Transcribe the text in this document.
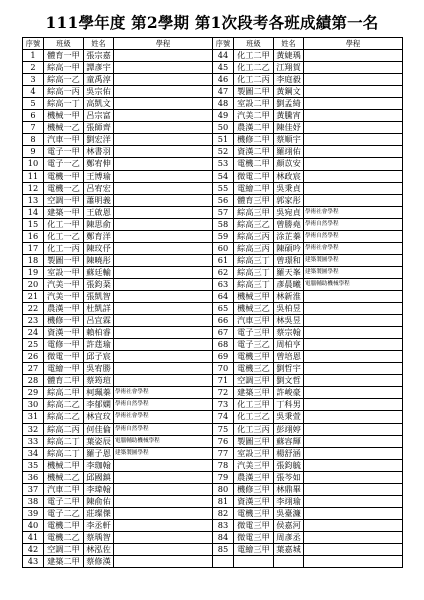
111學年度 第2學期 第1次段考各班成績第一名
序號	班級	姓名	學程	序號	班級	姓名	學程
1	體育一甲	張宗嘉		44	化工二甲	黃婕瑀	
2	綜高一甲	譚彥宇		45	化工二乙	江翔賀	
3	綜高一乙	童禹淳		46	化工二丙	李庭毅	
4	綜高一丙	吳宗佑		47	製圖二甲	黃鋼文	
5	綜高一丁	高凱文		48	室設二甲	劉孟綺	
6	機械一甲	呂宗富		49	汽美二甲	黃騰宵	
7	機械一乙	張師齊		50	農漢二甲	陳佳妤	
8	汽車一甲	劉宏洋		51	機修二甲	蔡順宇	
9	電子一甲	林書羽		52	資漢二甲	羅翊佑	
10	電子一乙	鄭宥伸		53	電機二甲	顏苡安	
11	電機一甲	王博瑜		54	微電二甲	林政宸	
12	電機一乙	呂宥宏		55	電繪二甲	吳秉貞	
13	空調一甲	蕭明義		56	體育三甲	郭家彤	
14	建築一甲	王啟恩		57	綜高三甲	吳宛貞	學術社會學程
15	化工一甲	陳思俞		58	綜高三乙	曾勝堯	學術自然學程
16	化工一乙	鄭育洋		59	綜高三丙	涂芷蓁	學術自然學程
17	化工一丙	陳玟伃		60	綜高三丙	陳碩吟	學術社會學程
18	製圖一甲	陳曉彤		61	綜高三丁	曾璟和	建築製圖學程
19	室設一甲	蘇廷輸		62	綜高三丁	羅天峯	建築製圖學程
20	汽美一甲	張鈞棻		63	綜高三丁	彥晨曦	電腦輔助機械學程
21	汽美一甲	張凱智		64	機械三甲	林新淮	
22	農漢一甲	杜凱詳		65	機械三乙	吳柏昱	
23	機修一甲	呂宜霖		66	汽車三甲	林吳昱	
24	資漢一甲	賴柏睿		67	電子三甲	蔡宗翰	
25	電修一甲	許莛瑜		68	電子三乙	周柏亨	
26	微電一甲	邱子宸		69	電機三甲	曾培恩	
27	電繪一甲	吳宥勝		70	電機三乙	劉哲宇	
28	體育二甲	蔡筠瑄		71	空調三甲	劉文哲	
29	綜高二甲	柯珮蓁	學術社會學程	72	建築三甲	許峻豪	
30	綜高二乙	李郁嫻	學術自然學程	73	化工三甲	丁科男	
31	綜高二乙	林宜玟	學術社會學程	74	化工三乙	吳秉萱	
32	綜高二丙	何佳倫	學術自然學程	75	化工三丙	彭翊婷	
33	綜高二丁	葉姿辰	電腦輔助機械學程	76	製圖三甲	蘇容輝	
34	綜高二丁	羅子恩	建築製圖學程	77	室設三甲	楊舒涵	
35	機械二甲	李珈翰		78	汽美三甲	張鈞毓	
36	機械二乙	邱國鎮		79	農漢三甲	張芩如	
37	汽車二甲	李瑋翰		80	機修三甲	林鼎畢	
38	電子二甲	陳俞佑		81	資漢三甲	李翊瑜	
39	電子二乙	莊璨傑		82	電機三甲	吳臺濂	
40	電機二甲	李丞軒		83	微電三甲	侯嘉河	
41	電機二乙	蔡瑀智		84	微電三甲	周彥丞	
42	空調二甲	林泓佐		85	電繪三甲	葉嘉城	
43	建築二甲	蔡修漢					
